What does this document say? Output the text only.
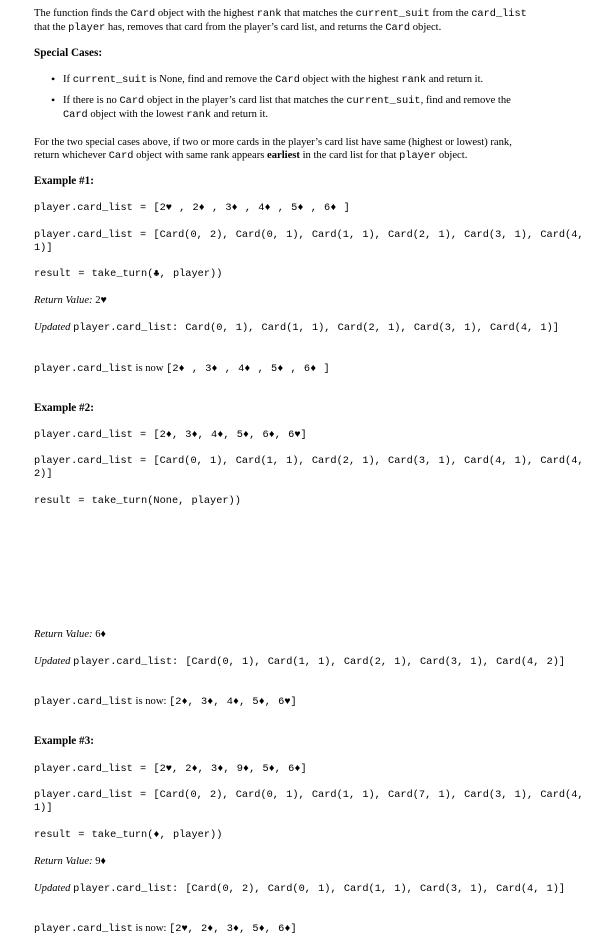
The function finds the Card object with the highest rank that matches the current_suit from the card_list
that the player has, removes that card from the player’s card list, and returns the Card object.
Special Cases:
• If current_suit is None, find and remove the Card object with the highest rank and return it.
• If there is no Card object in the player’s card list that matches the current_suit, find and remove the
Card object with the lowest rank and return it.
For the two special cases above, if two or more cards in the player’s card list have same (highest or lowest) rank,
return whichever Card object with same rank appears earliest in the card list for that player object.
Example #1:
player.card_list = [2♥ , 2♦ , 3♦ , 4♦ , 5♦ , 6♦ ]
player.card_list = [Card(0, 2), Card(0, 1), Card(1, 1), Card(2, 1), Card(3, 1), Card(4, 1)]
result = take_turn(♣, player))
Return Value: 2♥
Updated player.card_list: Card(0, 1), Card(1, 1), Card(2, 1), Card(3, 1), Card(4, 1)]
player.card_list is now [2♦ , 3♦ , 4♦ , 5♦ , 6♦ ]
Example #2:
player.card_list = [2♦, 3♦, 4♦, 5♦, 6♦, 6♥]
player.card_list = [Card(0, 1), Card(1, 1), Card(2, 1), Card(3, 1), Card(4, 1), Card(4, 2)]
result = take_turn(None, player))
Return Value: 6♦
Updated player.card_list: [Card(0, 1), Card(1, 1), Card(2, 1), Card(3, 1), Card(4, 2)]
player.card_list is now: [2♦, 3♦, 4♦, 5♦, 6♥]
Example #3:
player.card_list = [2♥, 2♦, 3♦, 9♦, 5♦, 6♦]
player.card_list = [Card(0, 2), Card(0, 1), Card(1, 1), Card(7, 1), Card(3, 1), Card(4, 1)]
result = take_turn(♦, player))
Return Value: 9♦
Updated player.card_list: [Card(0, 2), Card(0, 1), Card(1, 1), Card(3, 1), Card(4, 1)]
player.card_list is now: [2♥, 2♦, 3♦, 5♦, 6♦]
